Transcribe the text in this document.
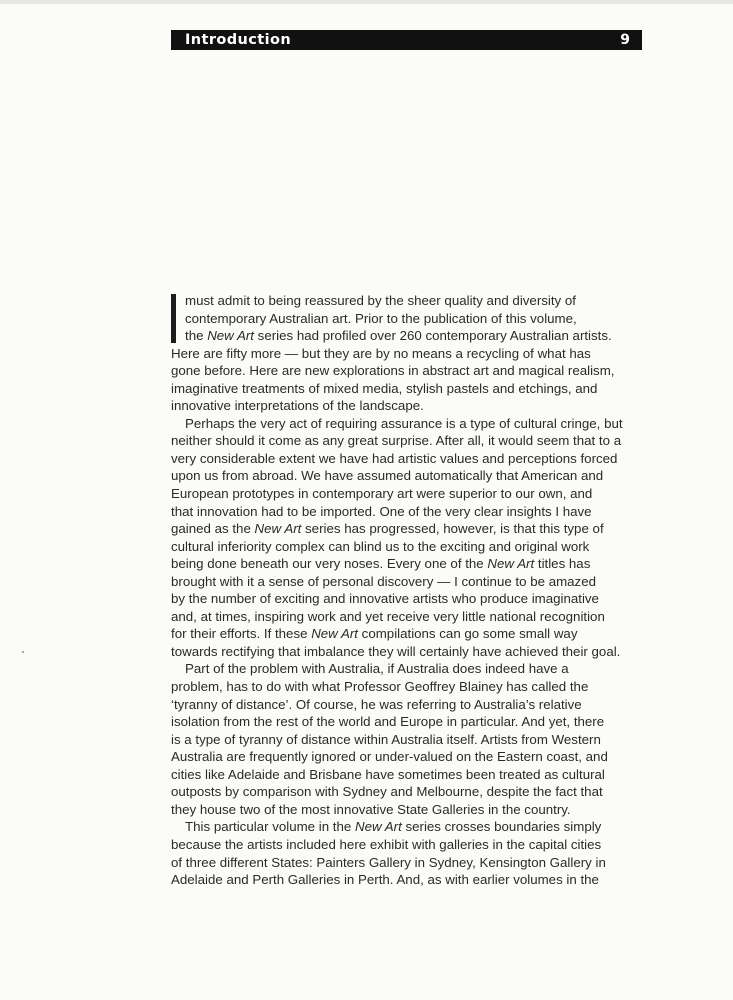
Introduction	9
must admit to being reassured by the sheer quality and diversity of
contemporary Australian art. Prior to the publication of this volume,
the New Art series had profiled over 260 contemporary Australian artists.
Here are fifty more — but they are by no means a recycling of what has
gone before. Here are new explorations in abstract art and magical realism,
imaginative treatments of mixed media, stylish pastels and etchings, and
innovative interpretations of the landscape.
Perhaps the very act of requiring assurance is a type of cultural cringe, but
neither should it come as any great surprise. After all, it would seem that to a
very considerable extent we have had artistic values and perceptions forced
upon us from abroad. We have assumed automatically that American and
European prototypes in contemporary art were superior to our own, and
that innovation had to be imported. One of the very clear insights I have
gained as the New Art series has progressed, however, is that this type of
cultural inferiority complex can blind us to the exciting and original work
being done beneath our very noses. Every one of the New Art titles has
brought with it a sense of personal discovery — I continue to be amazed
by the number of exciting and innovative artists who produce imaginative
and, at times, inspiring work and yet receive very little national recognition
for their efforts. If these New Art compilations can go some small way
towards rectifying that imbalance they will certainly have achieved their goal.
Part of the problem with Australia, if Australia does indeed have a
problem, has to do with what Professor Geoffrey Blainey has called the
‘tyranny of distance’. Of course, he was referring to Australia’s relative
isolation from the rest of the world and Europe in particular. And yet, there
is a type of tyranny of distance within Australia itself. Artists from Western
Australia are frequently ignored or under-valued on the Eastern coast, and
cities like Adelaide and Brisbane have sometimes been treated as cultural
outposts by comparison with Sydney and Melbourne, despite the fact that
they house two of the most innovative State Galleries in the country.
This particular volume in the New Art series crosses boundaries simply
because the artists included here exhibit with galleries in the capital cities
of three different States: Painters Gallery in Sydney, Kensington Gallery in
Adelaide and Perth Galleries in Perth. And, as with earlier volumes in the
